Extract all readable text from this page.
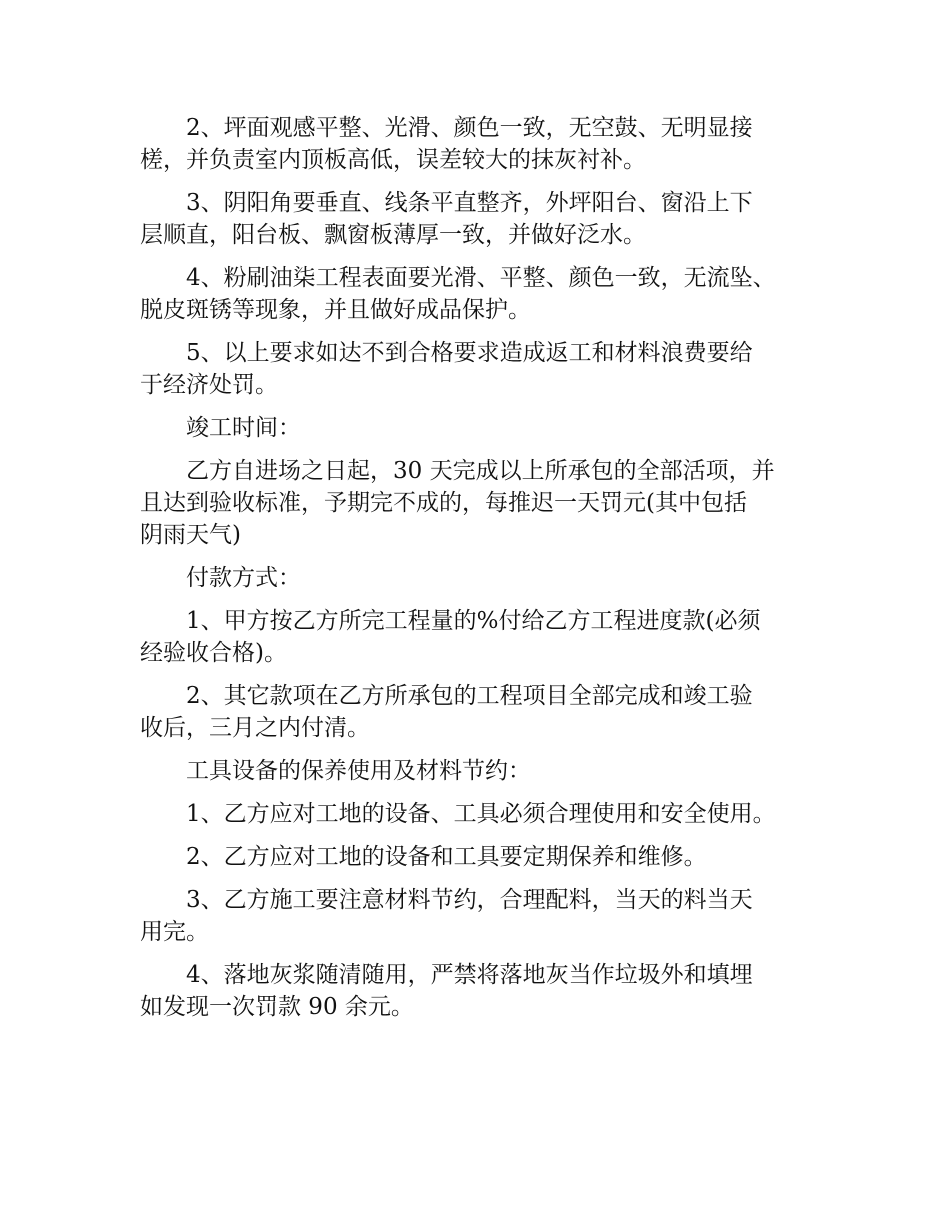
2、坪面观感平整、光滑、颜色一致，无空鼓、无明显接
槎，并负责室内顶板高低，误差较大的抹灰衬补。

3、阴阳角要垂直、线条平直整齐，外坪阳台、窗沿上下
层顺直，阳台板、飘窗板薄厚一致，并做好泛水。

4、粉刷油柒工程表面要光滑、平整、颜色一致，无流坠、
脱皮斑锈等现象，并且做好成品保护。

5、以上要求如达不到合格要求造成返工和材料浪费要给
于经济处罚。

竣工时间：

乙方自进场之日起，30 天完成以上所承包的全部活项，并
且达到验收标准，予期完不成的，每推迟一天罚元(其中包括
阴雨天气)

付款方式：

1、甲方按乙方所完工程量的%付给乙方工程进度款(必须
经验收合格)。

2、其它款项在乙方所承包的工程项目全部完成和竣工验
收后，三月之内付清。

工具设备的保养使用及材料节约：

1、乙方应对工地的设备、工具必须合理使用和安全使用。

2、乙方应对工地的设备和工具要定期保养和维修。

3、乙方施工要注意材料节约，合理配料，当天的料当天
用完。

4、落地灰浆随清随用，严禁将落地灰当作垃圾外和填埋
如发现一次罚款 90 余元。
